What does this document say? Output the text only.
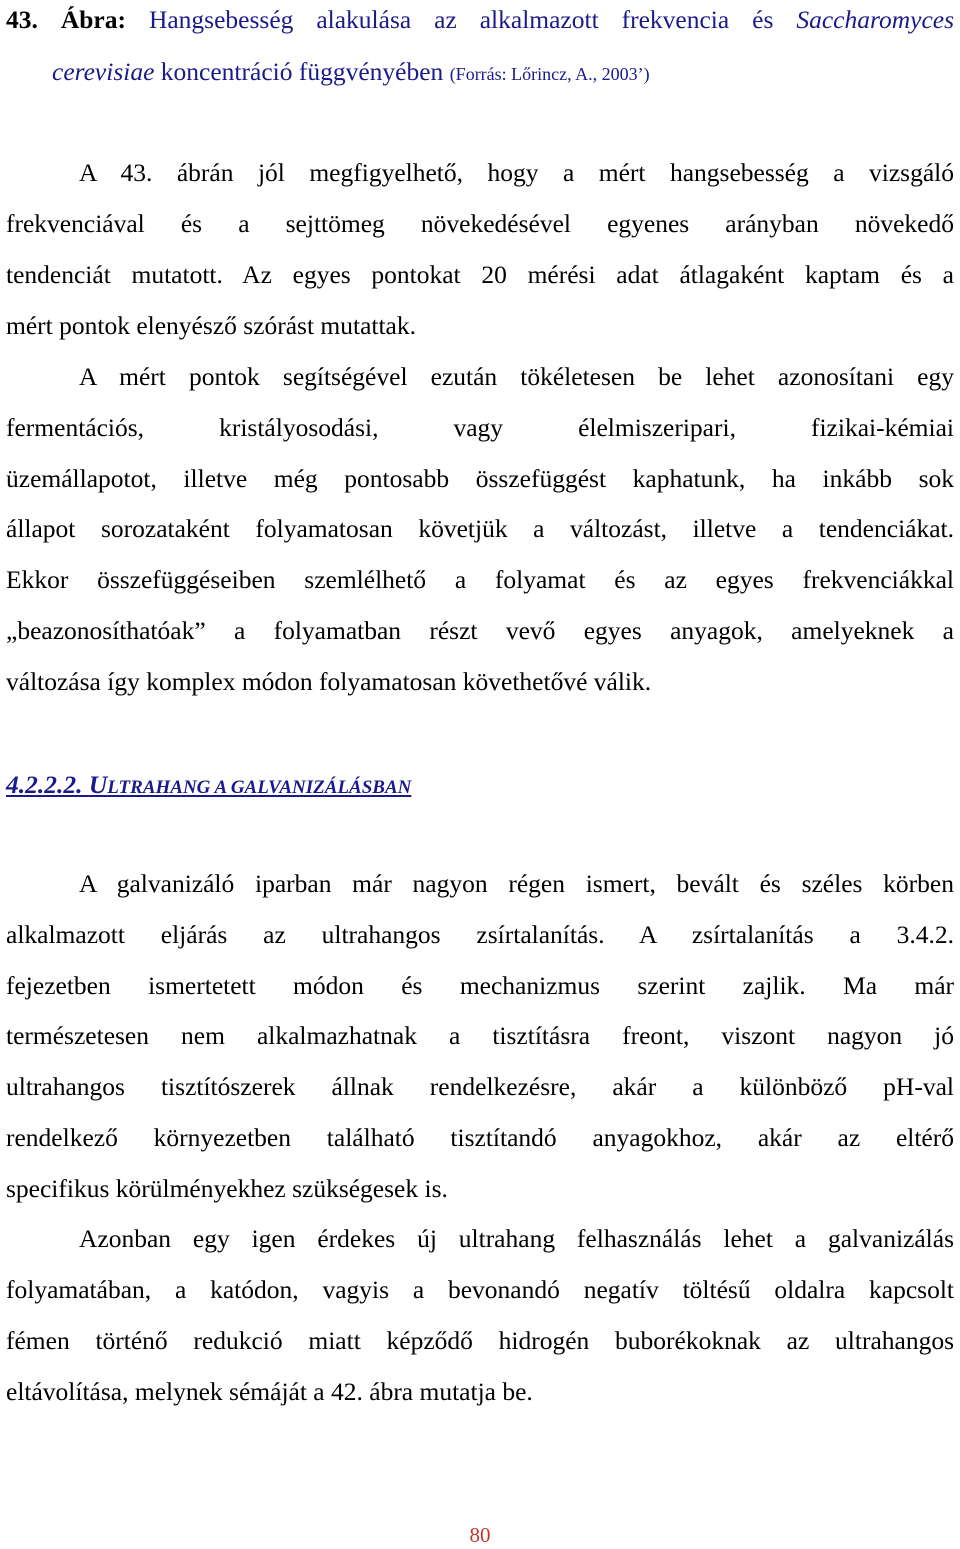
43. Ábra: Hangsebesség alakulása az alkalmazott frekvencia és Saccharomyces
cerevisiae koncentráció függvényében (Forrás: Lőrincz, A., 2003’)
A 43. ábrán jól megfigyelhető, hogy a mért hangsebesség a vizsgáló
frekvenciával és a sejttömeg növekedésével egyenes arányban növekedő
tendenciát mutatott. Az egyes pontokat 20 mérési adat átlagaként kaptam és a
mért pontok elenyésző szórást mutattak.
A mért pontok segítségével ezután tökéletesen be lehet azonosítani egy
fermentációs, kristályosodási, vagy élelmiszeripari, fizikai-kémiai
üzemállapotot, illetve még pontosabb összefüggést kaphatunk, ha inkább sok
állapot sorozataként folyamatosan követjük a változást, illetve a tendenciákat.
Ekkor összefüggéseiben szemlélhető a folyamat és az egyes frekvenciákkal
„beazonosíthatóak” a folyamatban részt vevő egyes anyagok, amelyeknek a
változása így komplex módon folyamatosan követhetővé válik.
4.2.2.2. ULTRAHANG A GALVANIZÁLÁSBAN
A galvanizáló iparban már nagyon régen ismert, bevált és széles körben
alkalmazott eljárás az ultrahangos zsírtalanítás. A zsírtalanítás a 3.4.2.
fejezetben ismertetett módon és mechanizmus szerint zajlik. Ma már
természetesen nem alkalmazhatnak a tisztításra freont, viszont nagyon jó
ultrahangos tisztítószerek állnak rendelkezésre, akár a különböző pH-val
rendelkező környezetben található tisztítandó anyagokhoz, akár az eltérő
specifikus körülményekhez szükségesek is.
Azonban egy igen érdekes új ultrahang felhasználás lehet a galvanizálás
folyamatában, a katódon, vagyis a bevonandó negatív töltésű oldalra kapcsolt
fémen történő redukció miatt képződő hidrogén buborékoknak az ultrahangos
eltávolítása, melynek sémáját a 42. ábra mutatja be.
80
